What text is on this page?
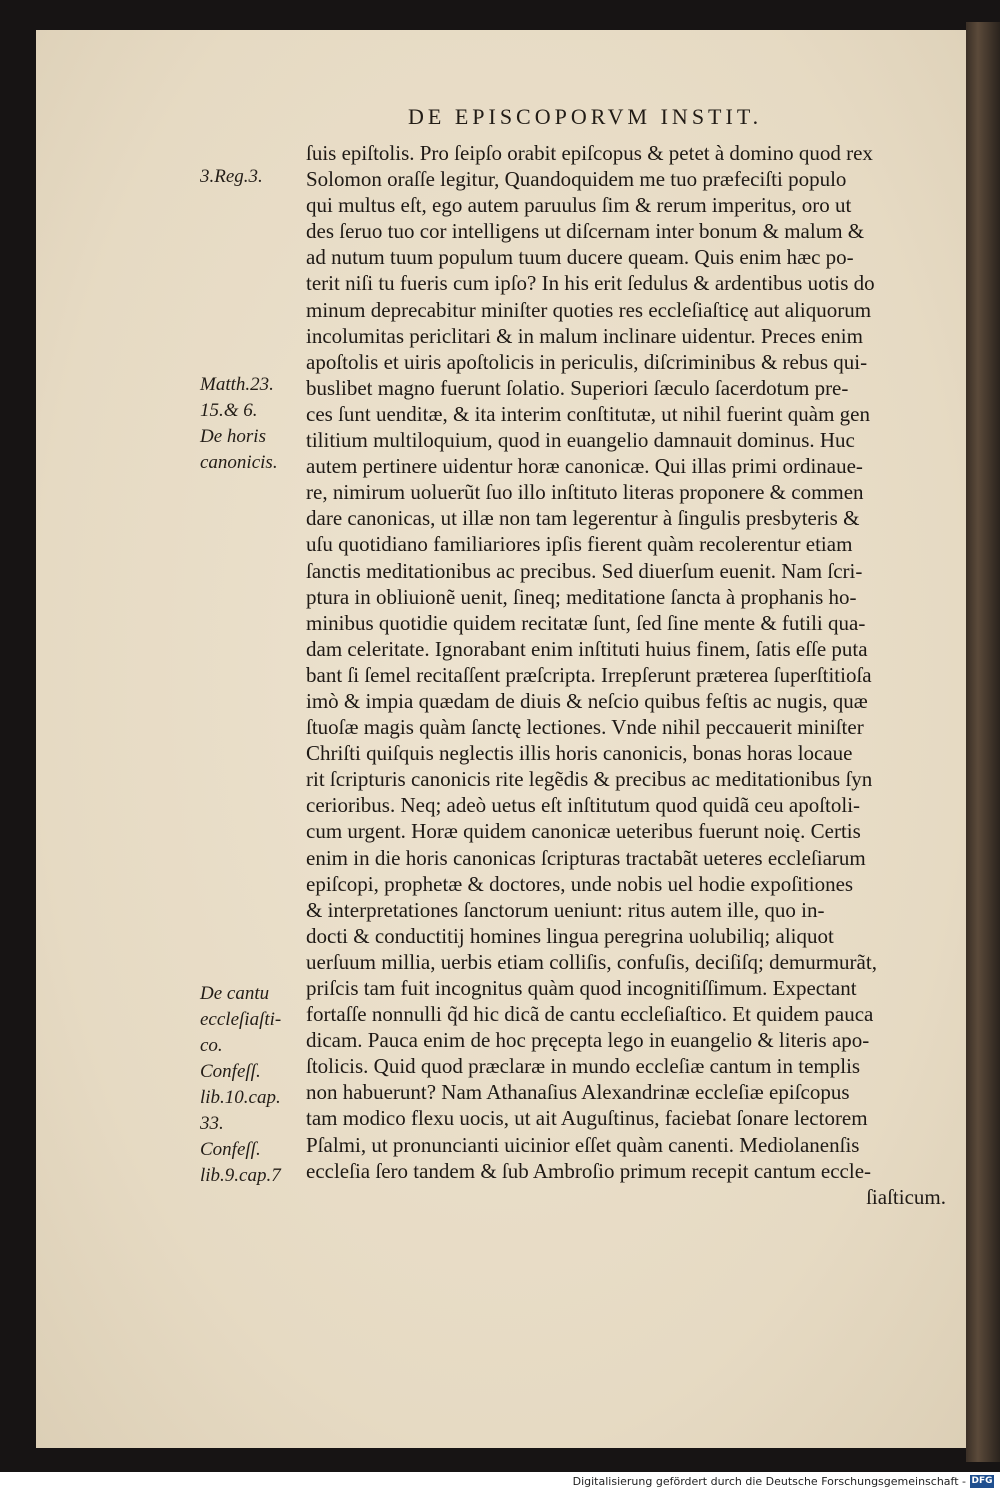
DE EPISCOPORVM INSTIT.
3.Reg.3.
Matth.23.
15.& 6.
De horis
canonicis.
De cantu
eccleſiaſti-
co.
Confeſſ.
lib.10.cap.
33.
Confeſſ.
lib.9.cap.7
ſuis epiſtolis. Pro ſeipſo orabit epiſcopus & petet à domino quod rex
Solomon oraſſe legitur, Quandoquidem me tuo præfeciſti populo
qui multus eſt, ego autem paruulus ſim & rerum imperitus, oro ut
des ſeruo tuo cor intelligens ut diſcernam inter bonum & malum &
ad nutum tuum populum tuum ducere queam. Quis enim hæc po-
terit niſi tu fueris cum ipſo? In his erit ſedulus & ardentibus uotis do
minum deprecabitur miniſter quoties res eccleſiaſticę aut aliquorum
incolumitas periclitari & in malum inclinare uidentur. Preces enim
apoſtolis et uiris apoſtolicis in periculis, diſcriminibus & rebus qui-
buslibet magno fuerunt ſolatio. Superiori ſæculo ſacerdotum pre-
ces ſunt uenditæ, & ita interim conſtitutæ, ut nihil fuerint quàm gen
tilitium multiloquium, quod in euangelio damnauit dominus. Huc
autem pertinere uidentur horæ canonicæ. Qui illas primi ordinaue-
re, nimirum uoluerũt ſuo illo inſtituto literas proponere & commen
dare canonicas, ut illæ non tam legerentur à ſingulis presbyteris &
uſu quotidiano familiariores ipſis fierent quàm recolerentur etiam
ſanctis meditationibus ac precibus. Sed diuerſum euenit. Nam ſcri-
ptura in obliuionẽ uenit, ſineq; meditatione ſancta à prophanis ho-
minibus quotidie quidem recitatæ ſunt, ſed ſine mente & futili qua-
dam celeritate. Ignorabant enim inſtituti huius finem, ſatis eſſe puta
bant ſi ſemel recitaſſent præſcripta. Irrepſerunt præterea ſuperſtitioſa
imò & impia quædam de diuis & neſcio quibus feſtis ac nugis, quæ
ſtuoſæ magis quàm ſanctę lectiones. Vnde nihil peccauerit miniſter
Chriſti quiſquis neglectis illis horis canonicis, bonas horas locaue
rit ſcripturis canonicis rite legẽdis & precibus ac meditationibus ſyn
cerioribus. Neq; adeò uetus eſt inſtitutum quod quidã ceu apoſtoli-
cum urgent. Horæ quidem canonicæ ueteribus fuerunt noię. Certis
enim in die horis canonicas ſcripturas tractabãt ueteres eccleſiarum
epiſcopi, prophetæ & doctores, unde nobis uel hodie expoſitiones
& interpretationes ſanctorum ueniunt: ritus autem ille, quo in-
docti & conductitij homines lingua peregrina uolubiliq; aliquot
uerſuum millia, uerbis etiam colliſis, confuſis, deciſiſq; demurmurãt,
priſcis tam fuit incognitus quàm quod incognitiſſimum. Expectant
fortaſſe nonnulli q̃d hic dicã de cantu eccleſiaſtico. Et quidem pauca
dicam. Pauca enim de hoc pręcepta lego in euangelio & literis apo-
ſtolicis. Quid quod præclaræ in mundo eccleſiæ cantum in templis
non habuerunt? Nam Athanaſius Alexandrinæ eccleſiæ epiſcopus
tam modico flexu uocis, ut ait Auguſtinus, faciebat ſonare lectorem
Pſalmi, ut pronuncianti uicinior eſſet quàm canenti. Mediolanenſis
eccleſia ſero tandem & ſub Ambroſio primum recepit cantum eccle-
ſiaſticum.
Digitalisierung gefördert durch die Deutsche Forschungsgemeinschaft - DFG
